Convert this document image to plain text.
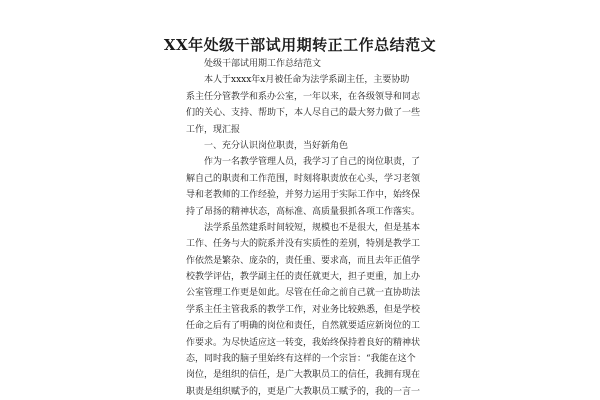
XX年处级干部试用期转正工作总结范文
处级干部试用期工作总结范文
本人于xxxx年x月被任命为法学系副主任，主要协助
系主任分管教学和系办公室，一年以来，在各级领导和同志
们的关心、支持、帮助下，本人尽自己的最大努力做了一些
工作，现汇报
一、充分认识岗位职责，当好新角色
作为一名教学管理人员，我学习了自己的岗位职责，了
解自己的职责和工作范围，时刻将职责放在心头，学习老领
导和老教师的工作经验，并努力运用于实际工作中，始终保
持了昂扬的精神状态，高标准、高质量狠抓各项工作落实。
法学系虽然建系时间较短，规模也不是很大，但是基本
工作、任务与大的院系并没有实质性的差别，特别是教学工
作依然是繁杂、庞杂的，责任重、要求高，而且去年正值学
校教学评估，教学副主任的责任就更大，担子更重，加上办
公室管理工作更是如此。尽管在任命之前自己就一直协助法
学系主任主管我系的教学工作，对业务比较熟悉，但是学校
任命之后有了明确的岗位和责任，自然就要适应新岗位的工
作要求。为尽快适应这一转变，我始终保持着良好的精神状
态，同时我的脑子里始终有这样的一个宗旨：“我能在这个
岗位，是组织的信任，是广大教职员工的信任，我拥有现在
职责是组织赋予的，更是广大教职员工赋予的，我的一言一
